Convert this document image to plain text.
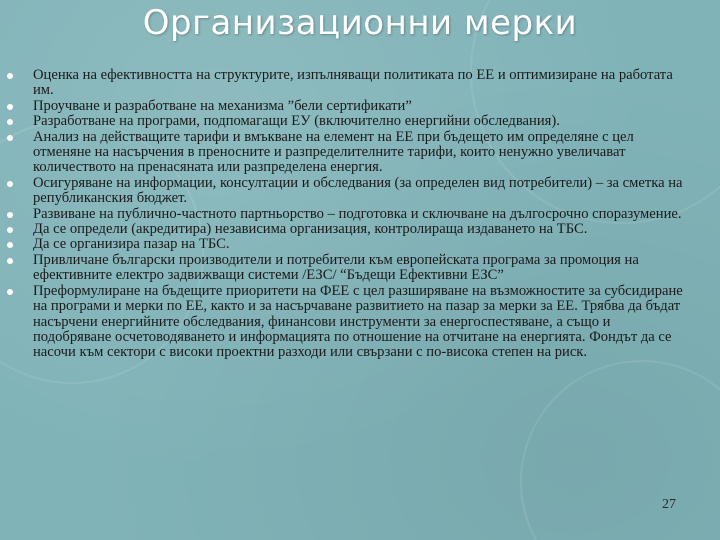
Организационни мерки
Оценка на ефективността на структурите, изпълняващи политиката по ЕЕ и оптимизиране на работата им.
Проучване и разработване на механизма ”бели сертификати”
Разработване на програми, подпомагащи ЕУ (включително енергийни обследвания).
Анализ на действащите тарифи и вмъкване на елемент на ЕЕ при бъдещето им определяне с цел отменяне на насърчения в преносните и разпределителните тарифи, които ненужно увеличават количеството на пренасяната или разпределена енергия.
Осигуряване на информации, консултации и обследвания (за определен вид потребители) – за сметка на републиканския бюджет.
Развиване на публично-частното партньорство – подготовка и сключване на дългосрочно споразумение.
Да се определи (акредитира) независима организация, контролираща издаването на ТБС.
Да се организира пазар на ТБС.
Привличане български производители и потребители към европейската програма за промоция на ефективните електро задвижващи системи /ЕЗС/ “Бъдещи Ефективни ЕЗС”
Преформулиране на бъдещите приоритети на ФЕЕ с цел разширяване на възможностите за субсидиране на програми и мерки по ЕЕ, както и за насърчаване развитието на пазар за мерки за ЕЕ. Трябва да бъдат насърчени енергийните обследвания, финансови инструменти за енергоспестяване, а също и подобряване осчетоводяването и информацията по отношение на отчитане на енергията. Фондът да се насочи към сектори с високи проектни разходи или свързани с по-висока степен на риск.
27
